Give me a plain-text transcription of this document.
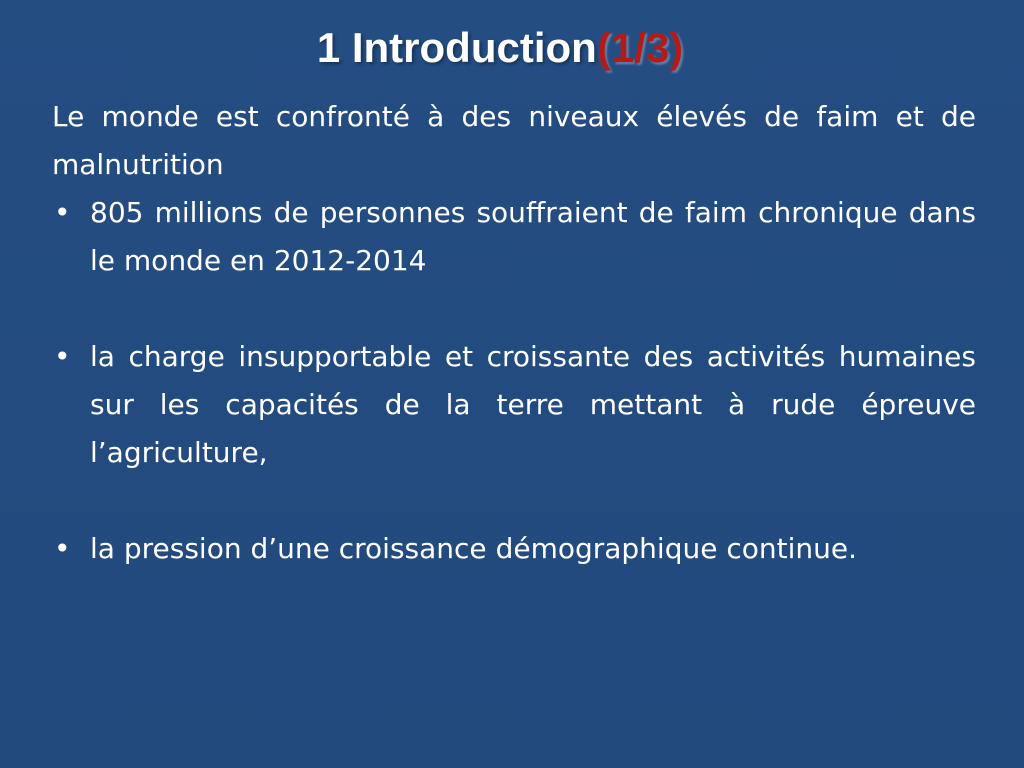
1 Introduction(1/3)

Le monde est confronté à des niveaux élevés de faim et de malnutrition

• 805 millions de personnes souffraient de faim chronique dans le monde en 2012-2014
• la charge insupportable et croissante des activités humaines sur les capacités de la terre mettant à rude épreuve l’agriculture,
• la pression d’une croissance démographique continue.
